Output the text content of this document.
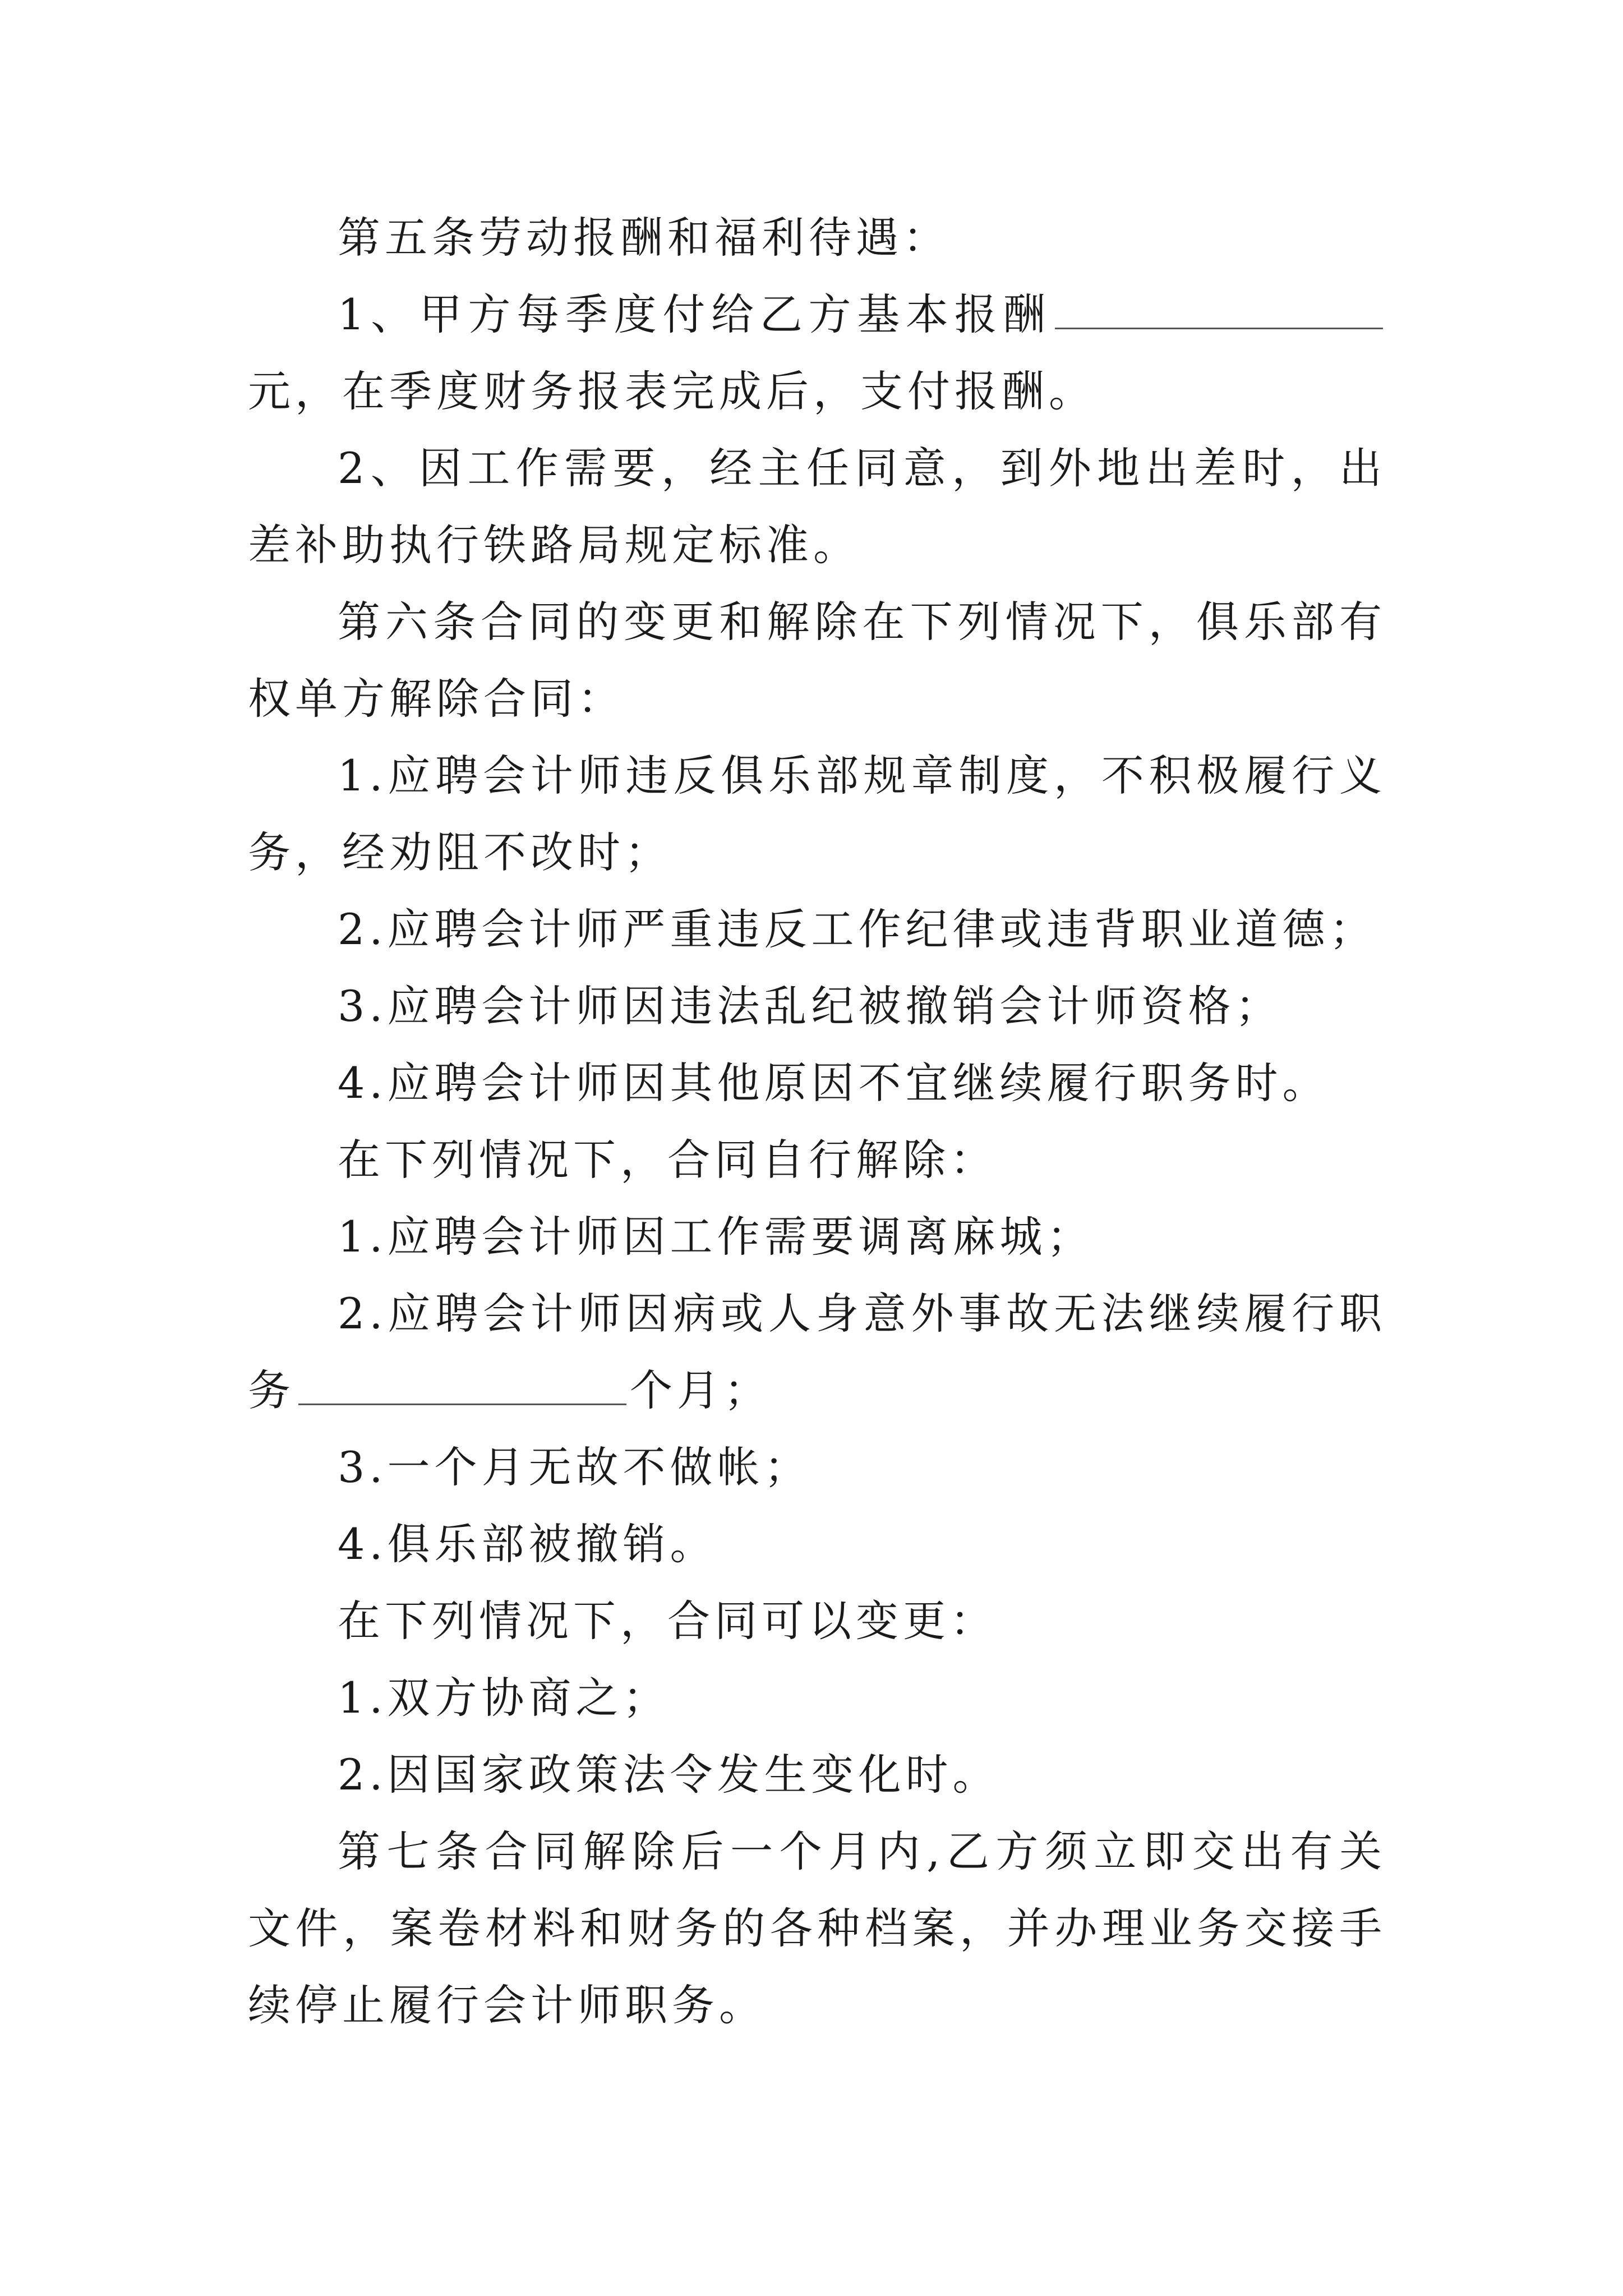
第五条劳动报酬和福利待遇：

1、甲方每季度付给乙方基本报酬元，在季度财务报表完成后，支付报酬。

2、因工作需要，经主任同意，到外地出差时，出差补助执行铁路局规定标准。

第六条合同的变更和解除在下列情况下，俱乐部有权单方解除合同：

1.应聘会计师违反俱乐部规章制度，不积极履行义务，经劝阻不改时；

2.应聘会计师严重违反工作纪律或违背职业道德；

3.应聘会计师因违法乱纪被撤销会计师资格；

4.应聘会计师因其他原因不宜继续履行职务时。

在下列情况下，合同自行解除：

1.应聘会计师因工作需要调离麻城；

2.应聘会计师因病或人身意外事故无法继续履行职务	个月；

3.一个月无故不做帐；

4.俱乐部被撤销。

在下列情况下，合同可以变更：

1.双方协商之；

2.因国家政策法令发生变化时。

第七条合同解除后一个月内,乙方须立即交出有关文件，案卷材料和财务的各种档案，并办理业务交接手续停止履行会计师职务。
